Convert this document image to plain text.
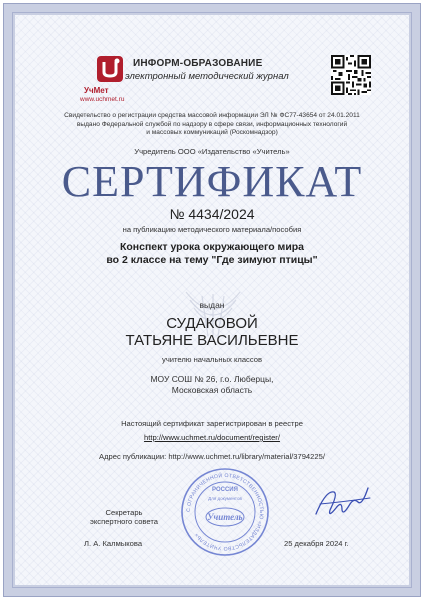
УчМет
www.uchmet.ru
ИНФОРМ-ОБРАЗОВАНИЕ
электронный методический журнал
Свидетельство о регистрации средства массовой информации ЭЛ № ФС77-43654 от 24.01.2011
выдано Федеральной службой по надзору в сфере связи, информационных технологий
и массовых коммуникаций (Роскомнадзор)
Учредитель ООО «Издательство «Учитель»
СЕРТИФИКАТ
№ 4434/2024
на публикацию методического материала/пособия
Конспект урока окружающего мира
во 2 классе на тему "Где зимуют птицы"
выдан
СУДАКОВОЙ
ТАТЬЯНЕ ВАСИЛЬЕВНЕ
учителю начальных классов
МОУ СОШ № 26, г.о. Люберцы,
Московская область
Настоящий сертификат зарегистрирован в реестре
http://www.uchmet.ru/document/register/
Адрес публикации: http://www.uchmet.ru/library/material/3794225/
С ОГРАНИЧЕННОЙ ОТВЕТСТВЕННОСТЬЮ «ИЗДАТЕЛЬСТВО УЧИТЕЛЬ»
РОССИЯ
Для документов
Учитель
Секретарь
экспертного совета
Л. А. Калмыкова	25 декабря 2024 г.
